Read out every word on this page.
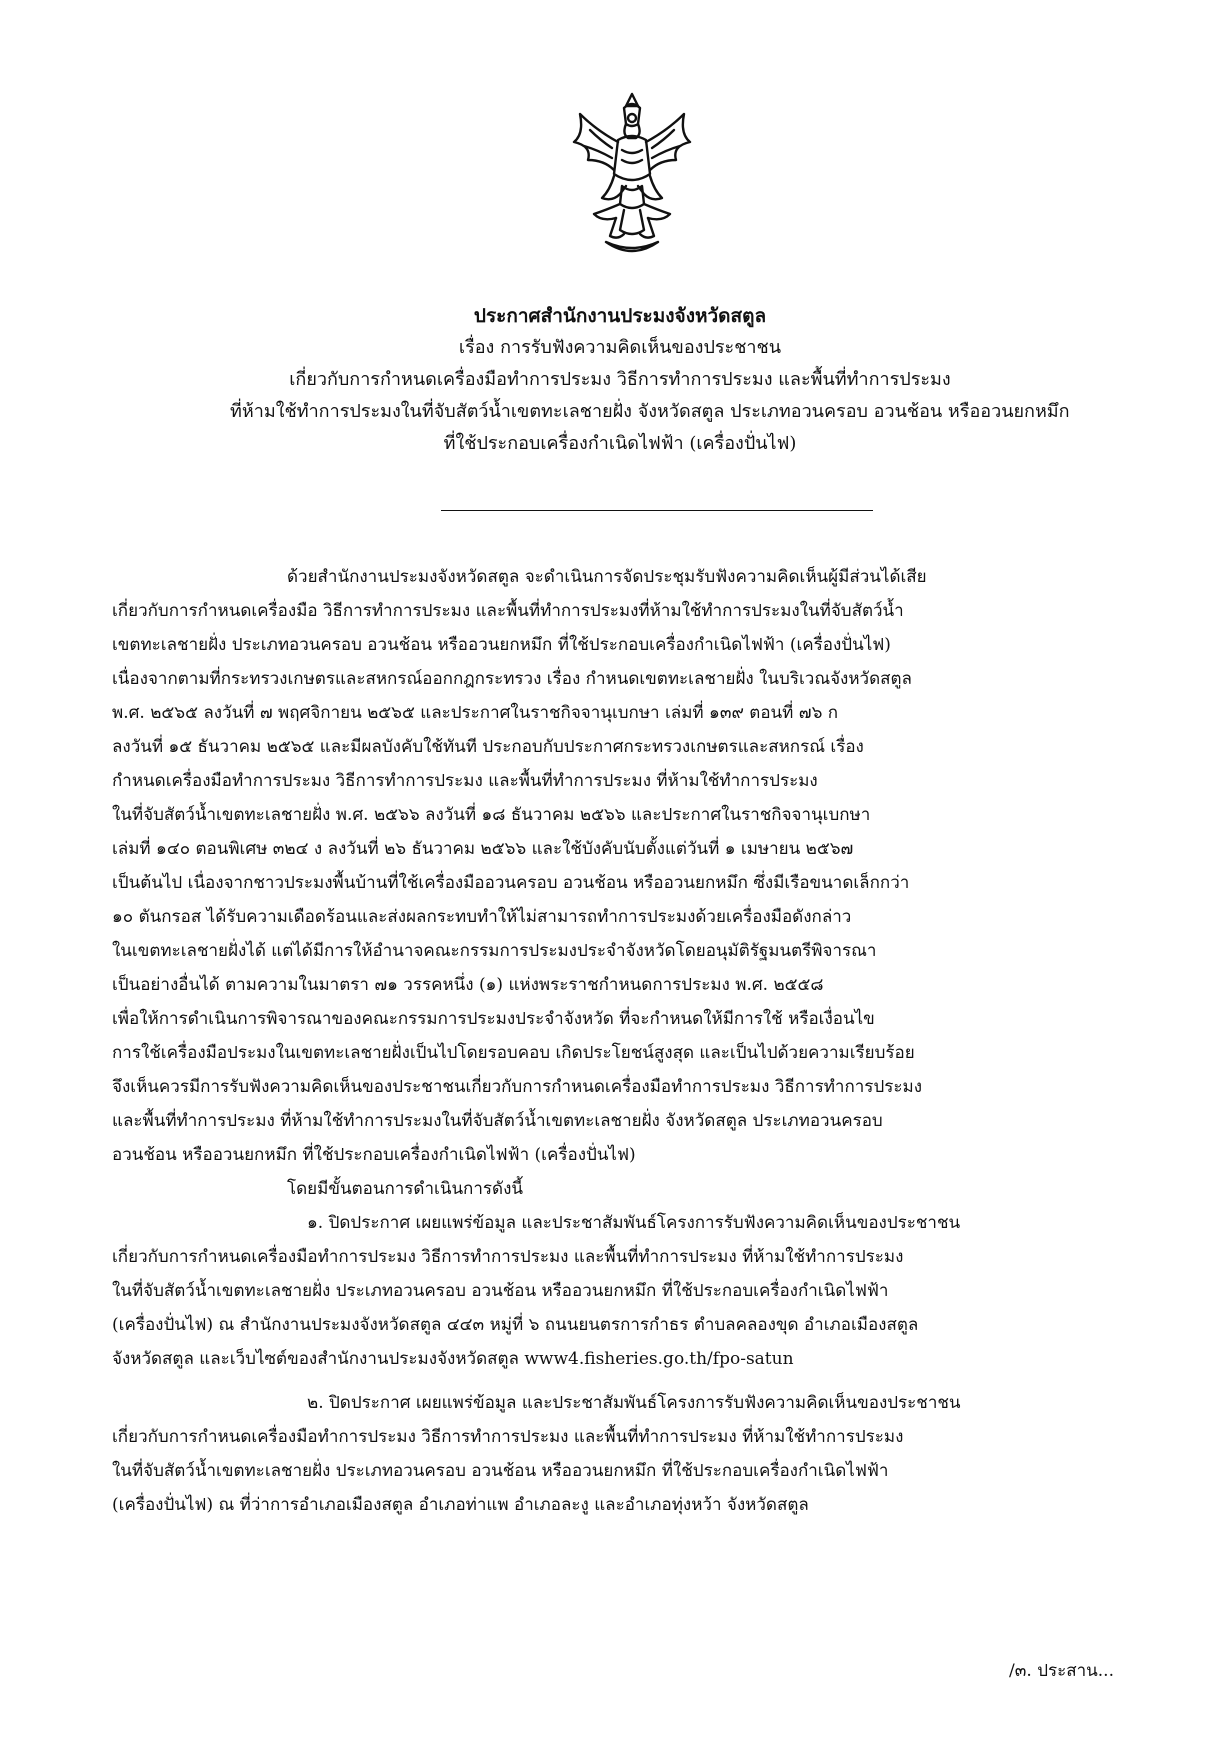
ประกาศสำนักงานประมงจังหวัดสตูล
เรื่อง การรับฟังความคิดเห็นของประชาชน
เกี่ยวกับการกำหนดเครื่องมือทำการประมง วิธีการทำการประมง และพื้นที่ทำการประมง
ที่ห้ามใช้ทำการประมงในที่จับสัตว์น้ำเขตทะเลชายฝั่ง จังหวัดสตูล ประเภทอวนครอบ อวนช้อน หรืออวนยกหมึก
ที่ใช้ประกอบเครื่องกำเนิดไฟฟ้า (เครื่องปั่นไฟ)
ด้วยสำนักงานประมงจังหวัดสตูล จะดำเนินการจัดประชุมรับฟังความคิดเห็นผู้มีส่วนได้เสีย
เกี่ยวกับการกำหนดเครื่องมือ วิธีการทำการประมง และพื้นที่ทำการประมงที่ห้ามใช้ทำการประมงในที่จับสัตว์น้ำ
เขตทะเลชายฝั่ง ประเภทอวนครอบ อวนช้อน หรืออวนยกหมึก ที่ใช้ประกอบเครื่องกำเนิดไฟฟ้า (เครื่องปั่นไฟ)
เนื่องจากตามที่กระทรวงเกษตรและสหกรณ์ออกกฎกระทรวง เรื่อง กำหนดเขตทะเลชายฝั่ง ในบริเวณจังหวัดสตูล
พ.ศ. ๒๕๖๕ ลงวันที่ ๗ พฤศจิกายน ๒๕๖๕ และประกาศในราชกิจจานุเบกษา เล่มที่ ๑๓๙ ตอนที่ ๗๖ ก
ลงวันที่ ๑๕ ธันวาคม ๒๕๖๕ และมีผลบังคับใช้ทันที ประกอบกับประกาศกระทรวงเกษตรและสหกรณ์ เรื่อง
กำหนดเครื่องมือทำการประมง วิธีการทำการประมง และพื้นที่ทำการประมง ที่ห้ามใช้ทำการประมง
ในที่จับสัตว์น้ำเขตทะเลชายฝั่ง พ.ศ. ๒๕๖๖ ลงวันที่ ๑๘ ธันวาคม ๒๕๖๖ และประกาศในราชกิจจานุเบกษา
เล่มที่ ๑๔๐ ตอนพิเศษ ๓๒๔ ง ลงวันที่ ๒๖ ธันวาคม ๒๕๖๖ และใช้บังคับนับตั้งแต่วันที่ ๑ เมษายน ๒๕๖๗
เป็นต้นไป เนื่องจากชาวประมงพื้นบ้านที่ใช้เครื่องมืออวนครอบ อวนช้อน หรืออวนยกหมึก ซึ่งมีเรือขนาดเล็กกว่า
๑๐ ตันกรอส ได้รับความเดือดร้อนและส่งผลกระทบทำให้ไม่สามารถทำการประมงด้วยเครื่องมือดังกล่าว
ในเขตทะเลชายฝั่งได้ แต่ได้มีการให้อำนาจคณะกรรมการประมงประจำจังหวัดโดยอนุมัติรัฐมนตรีพิจารณา
เป็นอย่างอื่นได้ ตามความในมาตรา ๗๑ วรรคหนึ่ง (๑) แห่งพระราชกำหนดการประมง พ.ศ. ๒๕๕๘
เพื่อให้การดำเนินการพิจารณาของคณะกรรมการประมงประจำจังหวัด ที่จะกำหนดให้มีการใช้ หรือเงื่อนไข
การใช้เครื่องมือประมงในเขตทะเลชายฝั่งเป็นไปโดยรอบคอบ เกิดประโยชน์สูงสุด และเป็นไปด้วยความเรียบร้อย
จึงเห็นควรมีการรับฟังความคิดเห็นของประชาชนเกี่ยวกับการกำหนดเครื่องมือทำการประมง วิธีการทำการประมง
และพื้นที่ทำการประมง ที่ห้ามใช้ทำการประมงในที่จับสัตว์น้ำเขตทะเลชายฝั่ง จังหวัดสตูล ประเภทอวนครอบ
อวนช้อน หรืออวนยกหมึก ที่ใช้ประกอบเครื่องกำเนิดไฟฟ้า (เครื่องปั่นไฟ)
โดยมีขั้นตอนการดำเนินการดังนี้
๑. ปิดประกาศ เผยแพร่ข้อมูล และประชาสัมพันธ์โครงการรับฟังความคิดเห็นของประชาชน
เกี่ยวกับการกำหนดเครื่องมือทำการประมง วิธีการทำการประมง และพื้นที่ทำการประมง ที่ห้ามใช้ทำการประมง
ในที่จับสัตว์น้ำเขตทะเลชายฝั่ง ประเภทอวนครอบ อวนช้อน หรืออวนยกหมึก ที่ใช้ประกอบเครื่องกำเนิดไฟฟ้า
(เครื่องปั่นไฟ) ณ สำนักงานประมงจังหวัดสตูล ๔๔๓ หมู่ที่ ๖ ถนนยนตรการกำธร ตำบลคลองขุด อำเภอเมืองสตูล
จังหวัดสตูล และเว็บไซต์ของสำนักงานประมงจังหวัดสตูล www4.fisheries.go.th/fpo-satun
๒. ปิดประกาศ เผยแพร่ข้อมูล และประชาสัมพันธ์โครงการรับฟังความคิดเห็นของประชาชน
เกี่ยวกับการกำหนดเครื่องมือทำการประมง วิธีการทำการประมง และพื้นที่ทำการประมง ที่ห้ามใช้ทำการประมง
ในที่จับสัตว์น้ำเขตทะเลชายฝั่ง ประเภทอวนครอบ อวนช้อน หรืออวนยกหมึก ที่ใช้ประกอบเครื่องกำเนิดไฟฟ้า
(เครื่องปั่นไฟ) ณ ที่ว่าการอำเภอเมืองสตูล อำเภอท่าแพ อำเภอละงู และอำเภอทุ่งหว้า จังหวัดสตูล
/๓. ประสาน...
